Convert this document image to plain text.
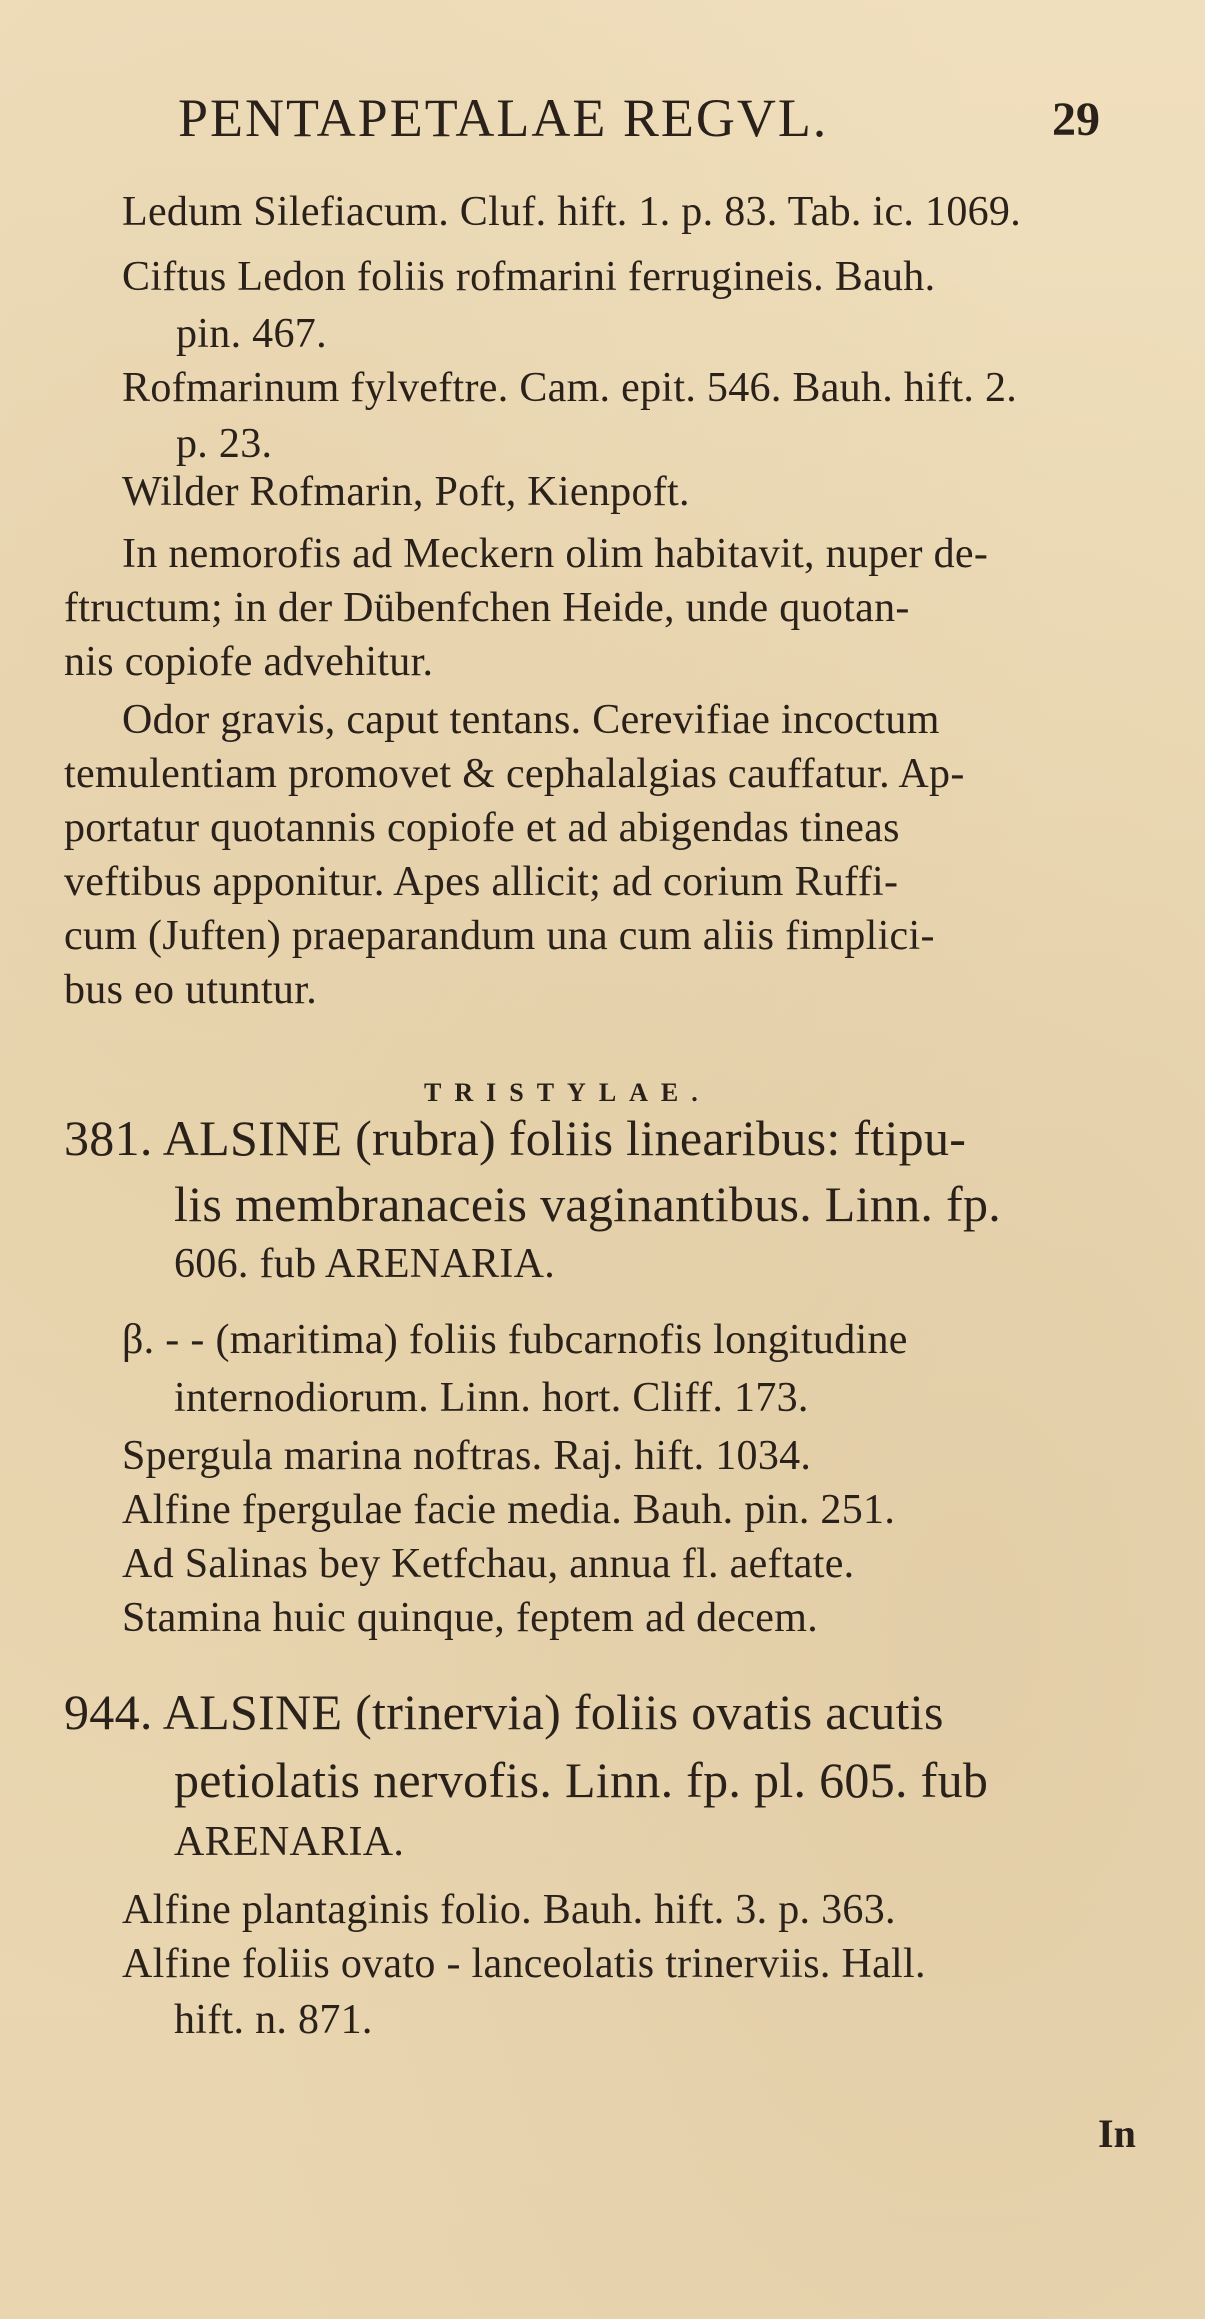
PENTAPETALAE REGVL.	29
Ledum Silefiacum. Cluf. hift. 1. p. 83. Tab. ic. 1069.
Ciftus Ledon foliis rofmarini ferrugineis. Bauh.
pin. 467.
Rofmarinum fylveftre. Cam. epit. 546. Bauh. hift. 2.
p. 23.
Wilder Rofmarin, Poft, Kienpoft.
In nemorofis ad Meckern olim habitavit, nuper de-
ftructum; in der Dübenfchen Heide, unde quotan-
nis copiofe advehitur.
Odor gravis, caput tentans. Cerevifiae incoctum
temulentiam promovet & cephalalgias cauffatur. Ap-
portatur quotannis copiofe et ad abigendas tineas
veftibus apponitur. Apes allicit; ad corium Ruffi-
cum (Juften) praeparandum una cum aliis fimplici-
bus eo utuntur.
TRISTYLAE.
381. ALSINE (rubra) foliis linearibus: ftipu-
lis membranaceis vaginantibus. Linn. fp.
606. fub ARENARIA.
β. - - (maritima) foliis fubcarnofis longitudine
internodiorum. Linn. hort. Cliff. 173.
Spergula marina noftras. Raj. hift. 1034.
Alfine fpergulae facie media. Bauh. pin. 251.
Ad Salinas bey Ketfchau, annua fl. aeftate.
Stamina huic quinque, feptem ad decem.
944. ALSINE (trinervia) foliis ovatis acutis
petiolatis nervofis. Linn. fp. pl. 605. fub
ARENARIA.
Alfine plantaginis folio. Bauh. hift. 3. p. 363.
Alfine foliis ovato - lanceolatis trinerviis. Hall.
hift. n. 871.
In
